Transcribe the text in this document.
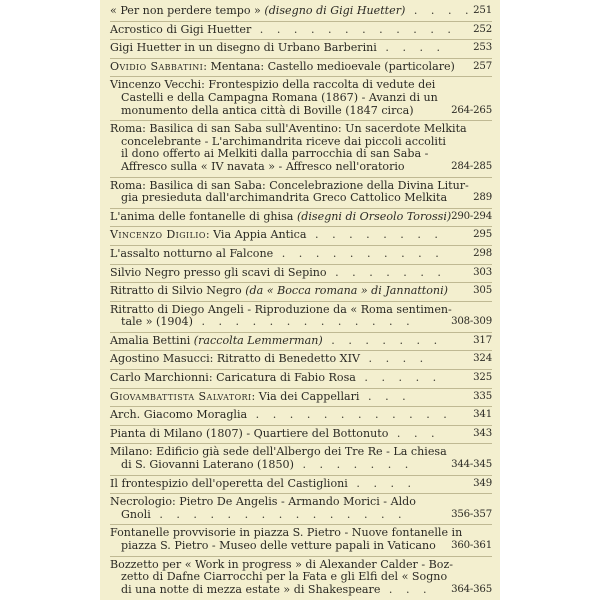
« Per non perdere tempo » (disegno di Gigi Huetter) . . . . 251
Acrostico di Gigi Huetter . . . . . . . . . . . . 252
Gigi Huetter in un disegno di Urbano Barberini . . . .	253
Ovidio Sabbatini: Mentana: Castello medioevale (particolare) 257
Vincenzo Vecchi: Frontespizio della raccolta di vedute dei
Castelli e della Campagna Romana (1867) - Avanzi di un
monumento della antica città di Boville (1847 circa)	264-265
Roma: Basilica di san Saba sull'Aventino: Un sacerdote Melkita
concelebrante - L'archimandrita riceve dai piccoli accoliti
il dono offerto ai Melkiti dalla parrocchia di san Saba -
Affresco sulla « IV navata » - Affresco nell'oratorio	284-285
Roma: Basilica di san Saba: Concelebrazione della Divina Litur-
gia presieduta dall'archimandrita Greco Cattolico Melkita	289
L'anima delle fontanelle di ghisa (disegni di Orseolo Torossi) 290-294
Vincenzo Digilio: Via Appia Antica . . . . . . . .	295
L'assalto notturno al Falcone . . . . . . . . . .	298
Silvio Negro presso gli scavi di Sepino . . . . . . .	303
Ritratto di Silvio Negro (da « Bocca romana » di Jannattoni) 305
Ritratto di Diego Angeli - Riproduzione da « Roma sentimen-
tale » (1904) . . . . . . . . . . . . .	308-309
Amalia Bettini (raccolta Lemmerman) . . . . . . .	317
Agostino Masucci: Ritratto di Benedetto XIV . . . .	324
Carlo Marchionni: Caricatura di Fabio Rosa . . . . .	325
Giovambattista Salvatori: Via dei Cappellari . . .	335
Arch. Giacomo Moraglia . . . . . . . . . . . . 341
Pianta di Milano (1807) - Quartiere del Bottonuto . . .	343
Milano: Edificio già sede dell'Albergo dei Tre Re - La chiesa
di S. Giovanni Laterano (1850) . . . . . . .	344-345
Il frontespizio dell'operetta del Castiglioni . . . .	349
Necrologio: Pietro De Angelis - Armando Morici - Aldo
Gnoli . . . . . . . . . . . . . . .	356-357
Fontanelle provvisorie in piazza S. Pietro - Nuove fontanelle in
piazza S. Pietro - Museo delle vetture papali in Vaticano 360-361
Bozzetto per « Work in progress » di Alexander Calder - Boz-
zetto di Dafne Ciarrocchi per la Fata e gli Elfi del « Sogno
di una notte di mezza estate » di Shakespeare . . . 364-365
